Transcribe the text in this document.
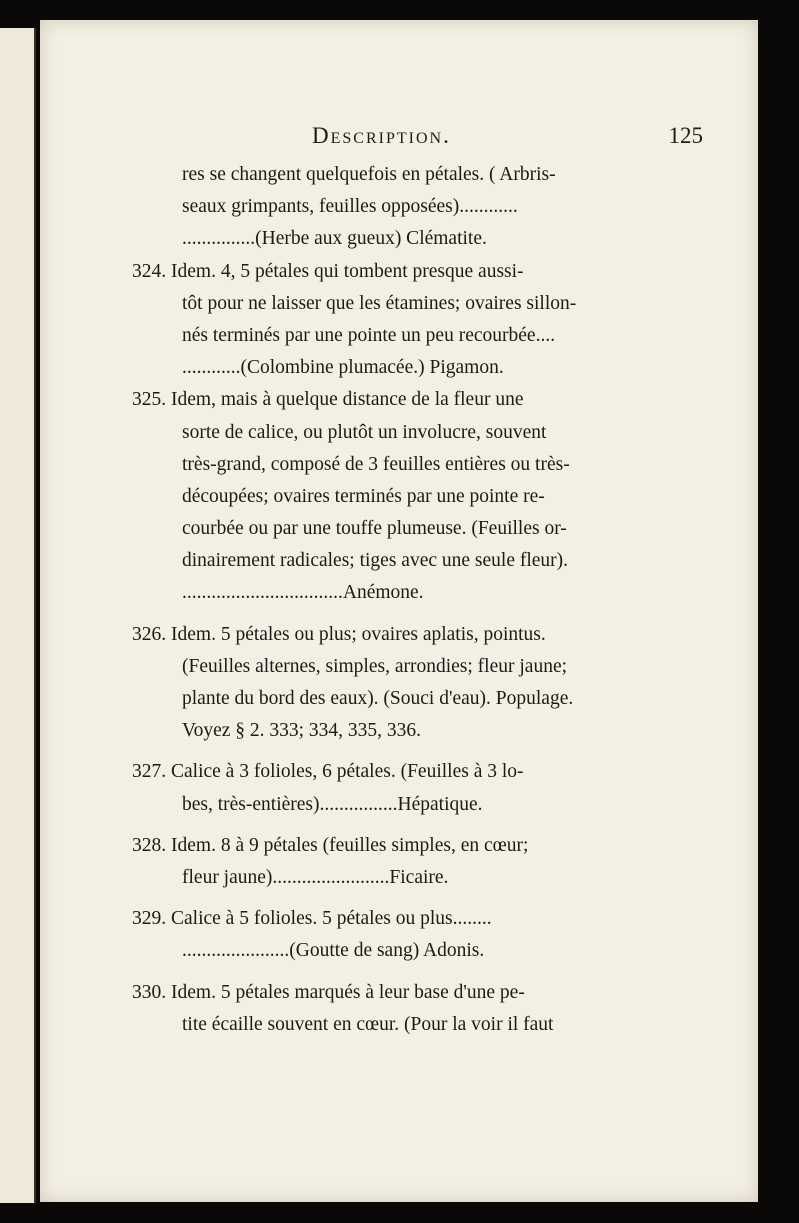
Description.	125
res se changent quelquefois en pétales. ( Arbris-
seaux grimpants, feuilles opposées)............
...............(Herbe aux gueux) Clématite.
324. Idem. 4, 5 pétales qui tombent presque aussi-
tôt pour ne laisser que les étamines; ovaires sillon-
nés terminés par une pointe un peu recourbée....
............(Colombine plumacée.) Pigamon.
325. Idem, mais à quelque distance de la fleur une
sorte de calice, ou plutôt un involucre, souvent
très-grand, composé de 3 feuilles entières ou très-
découpées; ovaires terminés par une pointe re-
courbée ou par une touffe plumeuse. (Feuilles or-
dinairement radicales; tiges avec une seule fleur).
.................................Anémone.
326. Idem. 5 pétales ou plus; ovaires aplatis, pointus.
(Feuilles alternes, simples, arrondies; fleur jaune;
plante du bord des eaux). (Souci d'eau). Populage.
Voyez § 2. 333; 334, 335, 336.
327. Calice à 3 folioles, 6 pétales. (Feuilles à 3 lo-
bes, très-entières)................Hépatique.
328. Idem. 8 à 9 pétales (feuilles simples, en cœur;
fleur jaune)........................Ficaire.
329. Calice à 5 folioles. 5 pétales ou plus........
......................(Goutte de sang) Adonis.
330. Idem. 5 pétales marqués à leur base d'une pe-
tite écaille souvent en cœur. (Pour la voir il faut
